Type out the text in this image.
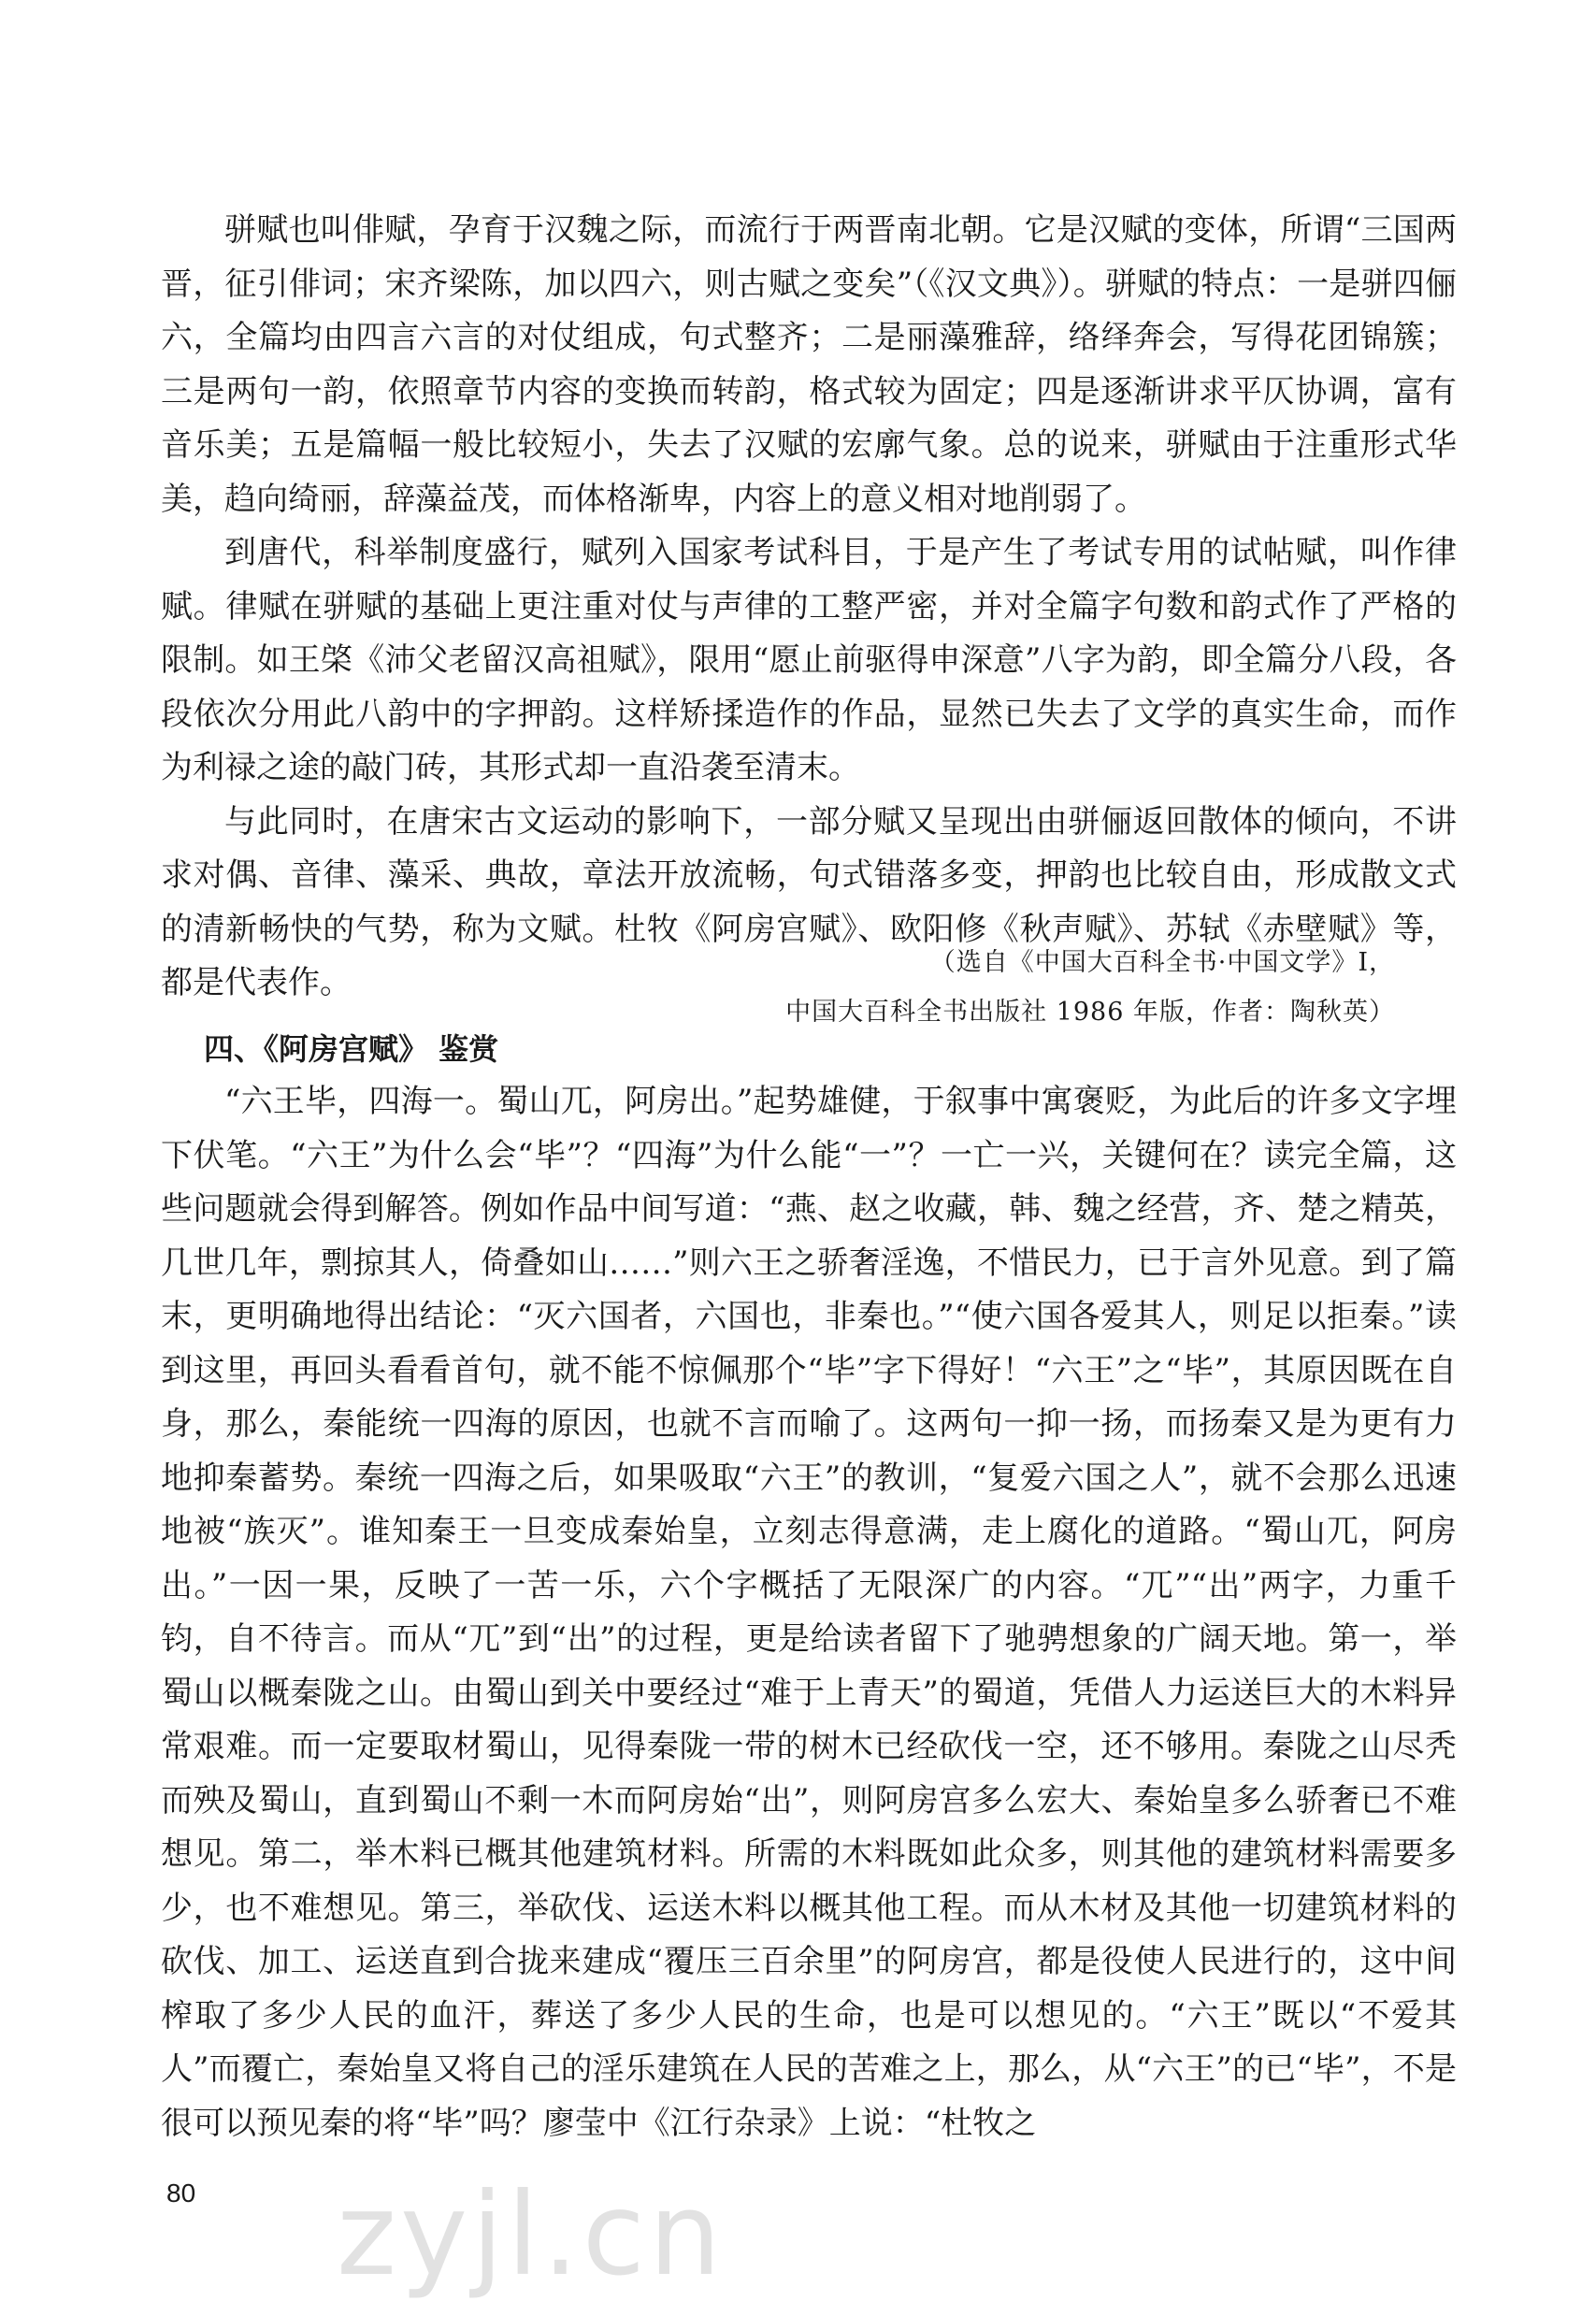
骈赋也叫俳赋，孕育于汉魏之际，而流行于两晋南北朝。它是汉赋的变体，所谓“三国两晋，征引俳词；宋齐梁陈，加以四六，则古赋之变矣”（《汉文典》）。骈赋的特点：一是骈四俪六，全篇均由四言六言的对仗组成，句式整齐；二是丽藻雅辞，络绎奔会，写得花团锦簇；三是两句一韵，依照章节内容的变换而转韵，格式较为固定；四是逐渐讲求平仄协调，富有音乐美；五是篇幅一般比较短小，失去了汉赋的宏廓气象。总的说来，骈赋由于注重形式华美，趋向绮丽，辞藻益茂，而体格渐卑，内容上的意义相对地削弱了。

到唐代，科举制度盛行，赋列入国家考试科目，于是产生了考试专用的试帖赋，叫作律赋。律赋在骈赋的基础上更注重对仗与声律的工整严密，并对全篇字句数和韵式作了严格的限制。如王棨《沛父老留汉高祖赋》，限用“愿止前驱得申深意”八字为韵，即全篇分八段，各段依次分用此八韵中的字押韵。这样矫揉造作的作品，显然已失去了文学的真实生命，而作为利禄之途的敲门砖，其形式却一直沿袭至清末。

与此同时，在唐宋古文运动的影响下，一部分赋又呈现出由骈俪返回散体的倾向，不讲求对偶、音律、藻采、典故，章法开放流畅，句式错落多变，押韵也比较自由，形成散文式的清新畅快的气势，称为文赋。杜牧《阿房宫赋》、欧阳修《秋声赋》、苏轼《赤壁赋》等，都是代表作。

（选自《中国大百科全书·中国文学》Ⅰ，
中国大百科全书出版社 1986 年版，作者：陶秋英）
四、《阿房宫赋》 鉴赏

“六王毕，四海一。蜀山兀，阿房出。”起势雄健，于叙事中寓褒贬，为此后的许多文字埋下伏笔。“六王”为什么会“毕”？“四海”为什么能“一”？一亡一兴，关键何在？读完全篇，这些问题就会得到解答。例如作品中间写道：“燕、赵之收藏，韩、魏之经营，齐、楚之精英，几世几年，剽掠其人，倚叠如山……”则六王之骄奢淫逸，不惜民力，已于言外见意。到了篇末，更明确地得出结论：“灭六国者，六国也，非秦也。”“使六国各爱其人，则足以拒秦。”读到这里，再回头看看首句，就不能不惊佩那个“毕”字下得好！“六王”之“毕”，其原因既在自身，那么，秦能统一四海的原因，也就不言而喻了。这两句一抑一扬，而扬秦又是为更有力地抑秦蓄势。秦统一四海之后，如果吸取“六王”的教训，“复爱六国之人”，就不会那么迅速地被“族灭”。谁知秦王一旦变成秦始皇，立刻志得意满，走上腐化的道路。“蜀山兀，阿房出。”一因一果，反映了一苦一乐，六个字概括了无限深广的内容。“兀”“出”两字，力重千钧，自不待言。而从“兀”到“出”的过程，更是给读者留下了驰骋想象的广阔天地。第一，举蜀山以概秦陇之山。由蜀山到关中要经过“难于上青天”的蜀道，凭借人力运送巨大的木料异常艰难。而一定要取材蜀山，见得秦陇一带的树木已经砍伐一空，还不够用。秦陇之山尽秃而殃及蜀山，直到蜀山不剩一木而阿房始“出”，则阿房宫多么宏大、秦始皇多么骄奢已不难想见。第二，举木料已概其他建筑材料。所需的木料既如此众多，则其他的建筑材料需要多少，也不难想见。第三，举砍伐、运送木料以概其他工程。而从木材及其他一切建筑材料的砍伐、加工、运送直到合拢来建成“覆压三百余里”的阿房宫，都是役使人民进行的，这中间榨取了多少人民的血汗，葬送了多少人民的生命，也是可以想见的。“六王”既以“不爱其人”而覆亡，秦始皇又将自己的淫乐建筑在人民的苦难之上，那么，从“六王”的已“毕”，不是很可以预见秦的将“毕”吗？廖莹中《江行杂录》上说：“杜牧之

80 zyjl.cn
